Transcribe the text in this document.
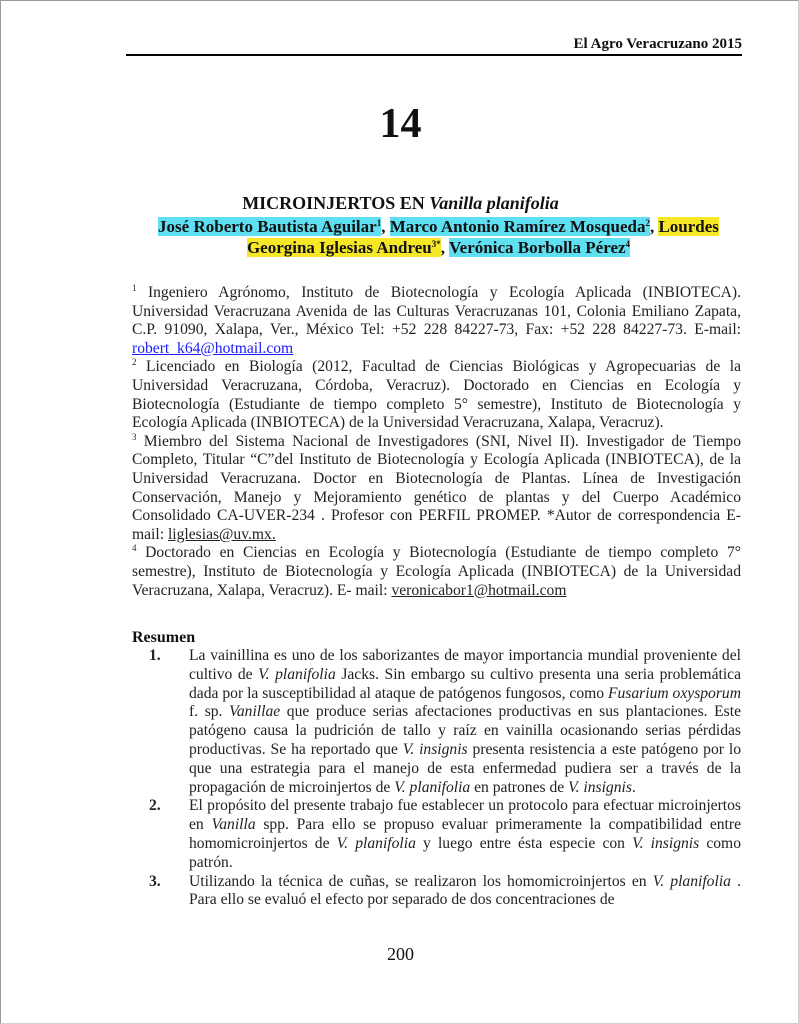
El Agro Veracruzano 2015
14
MICROINJERTOS EN Vanilla planifolia
José Roberto Bautista Aguilar$^1$, Marco Antonio Ramírez Mosqueda$^2$, Lourdes
Georgina Iglesias Andreu$^{3*}$, Verónica Borbolla Pérez$^4$

$^1$ Ingeniero Agrónomo, Instituto de Biotecnología y Ecología Aplicada (INBIOTECA). Universidad Veracruzana Avenida de las Culturas Veracruzanas 101, Colonia Emiliano Zapata, C.P. 91090, Xalapa, Ver., México Tel: +52 228 84227-73, Fax: +52 228 84227-73. E-mail: robert_k64@hotmail.com

$^2$ Licenciado en Biología (2012, Facultad de Ciencias Biológicas y Agropecuarias de la Universidad Veracruzana, Córdoba, Veracruz). Doctorado en Ciencias en Ecología y Biotecnología (Estudiante de tiempo completo 5° semestre), Instituto de Biotecnología y Ecología Aplicada (INBIOTECA) de la Universidad Veracruzana, Xalapa, Veracruz).

$^3$ Miembro del Sistema Nacional de Investigadores (SNI, Nivel II). Investigador de Tiempo Completo, Titular “C”del Instituto de Biotecnología y Ecología Aplicada (INBIOTECA), de la Universidad Veracruzana. Doctor en Biotecnología de Plantas. Línea de Investigación Conservación, Manejo y Mejoramiento genético de plantas y del Cuerpo Académico Consolidado CA-UVER-234 . Profesor con PERFIL PROMEP. *Autor de correspondencia E-mail: liglesias@uv.mx.

$^4$ Doctorado en Ciencias en Ecología y Biotecnología (Estudiante de tiempo completo 7° semestre), Instituto de Biotecnología y Ecología Aplicada (INBIOTECA) de la Universidad Veracruzana, Xalapa, Veracruz). E- mail: veronicabor1@hotmail.com

Resumen
1. La vainillina es uno de los saborizantes de mayor importancia mundial proveniente del cultivo de V. planifolia Jacks. Sin embargo su cultivo presenta una seria problemática dada por la susceptibilidad al ataque de patógenos fungosos, como Fusarium oxysporum f. sp. Vanillae que produce serias afectaciones productivas en sus plantaciones. Este patógeno causa la pudrición de tallo y raíz en vainilla ocasionando serias pérdidas productivas. Se ha reportado que V. insignis presenta resistencia a este patógeno por lo que una estrategia para el manejo de esta enfermedad pudiera ser a través de la propagación de microinjertos de V. planifolia en patrones de V. insignis.
2. El propósito del presente trabajo fue establecer un protocolo para efectuar microinjertos en Vanilla spp. Para ello se propuso evaluar primeramente la compatibilidad entre homomicroinjertos de V. planifolia y luego entre ésta especie con V. insignis como patrón.
3. Utilizando la técnica de cuñas, se realizaron los homomicroinjertos en V. planifolia . Para ello se evaluó el efecto por separado de dos concentraciones de
200
